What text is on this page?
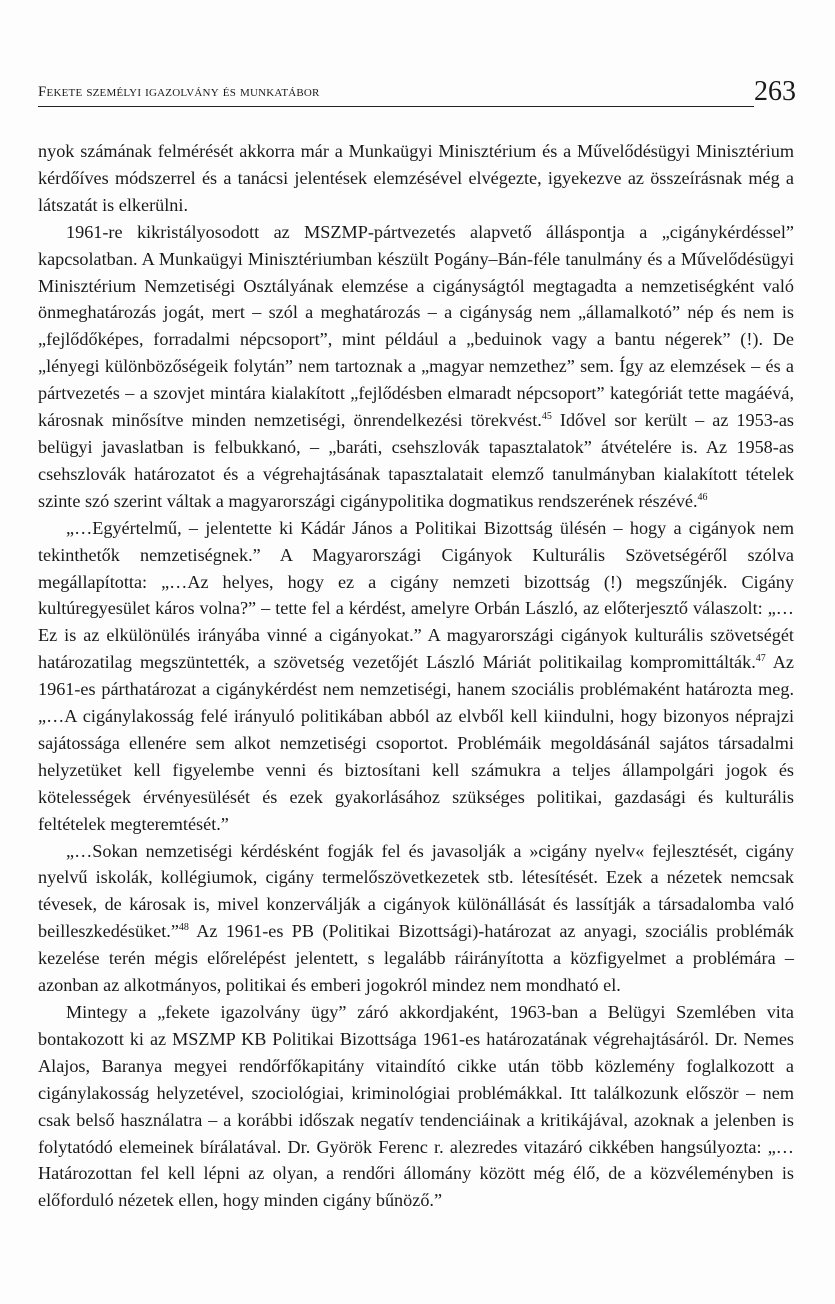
Fekete személyi igazolvány és munkatábor	263

nyok számának felmérését akkorra már a Munkaügyi Minisztérium és a Művelődésügyi Minisztérium kérdőíves módszerrel és a tanácsi jelentések elemzésével elvégezte, igyekezve az összeírásnak még a látszatát is elkerülni.

1961-re kikristályosodott az MSZMP-pártvezetés alapvető álláspontja a „cigánykérdéssel” kapcsolatban. A Munkaügyi Minisztériumban készült Pogány–Bán-féle tanulmány és a Művelődésügyi Minisztérium Nemzetiségi Osztályának elemzése a cigányságtól megtagadta a nemzetiségként való önmeghatározás jogát, mert – szól a meghatározás – a cigányság nem „államalkotó” nép és nem is „fejlődőképes, forradalmi népcsoport”, mint például a „beduinok vagy a bantu négerek” (!). De „lényegi különbözőségeik folytán” nem tartoznak a „magyar nemzethez” sem. Így az elemzések – és a pártvezetés – a szovjet mintára kialakított „fejlődésben elmaradt népcsoport” kategóriát tette magáévá, károsnak minősítve minden nemzetiségi, önrendelkezési törekvést.$^{45}$ Idővel sor került – az 1953-as belügyi javaslatban is felbukkanó, – „baráti, csehszlovák tapasztalatok” átvételére is. Az 1958-as csehszlovák határozatot és a végrehajtásának tapasztalatait elemző tanulmányban kialakított tételek szinte szó szerint váltak a magyarországi cigánypolitika dogmatikus rendszerének részévé.$^{46}$

„…Egyértelmű, – jelentette ki Kádár János a Politikai Bizottság ülésén – hogy a cigányok nem tekinthetők nemzetiségnek.” A Magyarországi Cigányok Kulturális Szövetségéről szólva megállapította: „…Az helyes, hogy ez a cigány nemzeti bizottság (!) megszűnjék. Cigány kultúregyesület káros volna?” – tette fel a kérdést, amelyre Orbán László, az előterjesztő válaszolt: „…Ez is az elkülönülés irányába vinné a cigányokat.” A magyarországi cigányok kulturális szövetségét határozatilag megszüntették, a szövetség vezetőjét László Máriát politikailag kompromittálták.$^{47}$ Az 1961-es párthatározat a cigánykérdést nem nemzetiségi, hanem szociális problémaként határozta meg. „…A cigánylakosság felé irányuló politikában abból az elvből kell kiindulni, hogy bizonyos néprajzi sajátossága ellenére sem alkot nemzetiségi csoportot. Problémáik megoldásánál sajátos társadalmi helyzetüket kell figyelembe venni és biztosítani kell számukra a teljes állampolgári jogok és kötelességek érvényesülését és ezek gyakorlásához szükséges politikai, gazdasági és kulturális feltételek megteremtését.”

„…Sokan nemzetiségi kérdésként fogják fel és javasolják a »cigány nyelv« fejlesztését, cigány nyelvű iskolák, kollégiumok, cigány termelőszövetkezetek stb. létesítését. Ezek a nézetek nemcsak tévesek, de károsak is, mivel konzerválják a cigányok különállását és lassítják a társadalomba való beilleszkedésüket.”$^{48}$ Az 1961-es PB (Politikai Bizottsági)-határozat az anyagi, szociális problémák kezelése terén mégis előrelépést jelentett, s legalább ráirányította a közfigyelmet a problémára – azonban az alkotmányos, politikai és emberi jogokról mindez nem mondható el.

Mintegy a „fekete igazolvány ügy” záró akkordjaként, 1963-ban a Belügyi Szemlében vita bontakozott ki az MSZMP KB Politikai Bizottsága 1961-es határozatának végrehajtásáról. Dr. Nemes Alajos, Baranya megyei rendőrfőkapitány vitaindító cikke után több közlemény foglalkozott a cigánylakosság helyzetével, szociológiai, kriminológiai problémákkal. Itt találkozunk először – nem csak belső használatra – a korábbi időszak negatív tendenciáinak a kritikájával, azoknak a jelenben is folytatódó elemeinek bírálatával. Dr. Györök Ferenc r. alezredes vitazáró cikkében hangsúlyozta: „…Határozottan fel kell lépni az olyan, a rendőri állomány között még élő, de a közvéleményben is előforduló nézetek ellen, hogy minden cigány bűnöző.”
